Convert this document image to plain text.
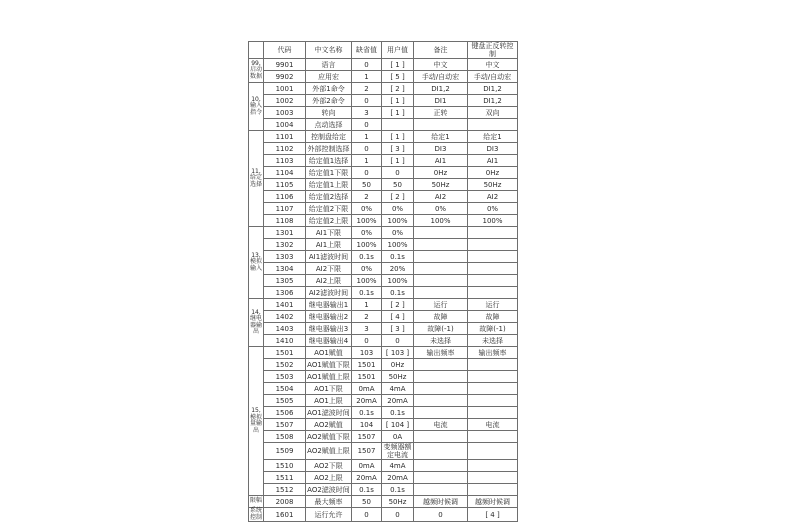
	代码	中文名称	缺省值	用户值	备注	键盘正反转控制
99,
启动
数据	9901	语言	0	[ 1 ]	中文	中文
	9902	应用宏	1	[ 5 ]	手动/自动宏	手动/自动宏
10,
输入
指令	1001	外部1命令	2	[ 2 ]	DI1,2	DI1,2
	1002	外部2命令	0	[ 1 ]	DI1	DI1,2
	1003	转向	3	[ 1 ]	正转	双向
	1004	点动选择	0			
11,
给定
选择	1101	控制盘给定	1	[ 1 ]	给定1	给定1
	1102	外部控制选择	0	[ 3 ]	DI3	DI3
	1103	给定值1选择	1	[ 1 ]	AI1	AI1
	1104	给定值1下限	0	0	0Hz	0Hz
	1105	给定值1上限	50	50	50Hz	50Hz
	1106	给定值2选择	2	[ 2 ]	AI2	AI2
	1107	给定值2下限	0%	0%	0%	0%
	1108	给定值2上限	100%	100%	100%	100%
13,
模拟
输入	1301	AI1下限	0%	0%		
	1302	AI1上限	100%	100%		
	1303	AI1滤波时间	0.1s	0.1s		
	1304	AI2下限	0%	20%		
	1305	AI2上限	100%	100%		
	1306	AI2滤波时间	0.1s	0.1s		
14,
继电
器输
出	1401	继电器输出1	1	[ 2 ]	运行	运行
	1402	继电器输出2	2	[ 4 ]	故障	故障
	1403	继电器输出3	3	[ 3 ]	故障(-1)	故障(-1)
	1410	继电器输出4	0	0	未选择	未选择
15,
模拟
量输
出	1501	AO1赋值	103	[ 103 ]	输出频率	输出频率
	1502	AO1赋值下限	1501	0Hz		
	1503	AO1赋值上限	1501	50Hz		
	1504	AO1下限	0mA	4mA		
	1505	AO1上限	20mA	20mA		
	1506	AO1滤波时间	0.1s	0.1s		
	1507	AO2赋值	104	[ 104 ]	电流	电流
	1508	AO2赋值下限	1507	0A		
	1509	AO2赋值上限	1507	变频器额定电流		
	1510	AO2下限	0mA	4mA		
	1511	AO2上限	20mA	20mA		
	1512	AO2滤波时间	0.1s	0.1s		
限幅	2008	最大频率	50	50Hz	越频时候调	越频时候调
系统
控制	1601	运行允许	0	0	0	[ 4 ]
